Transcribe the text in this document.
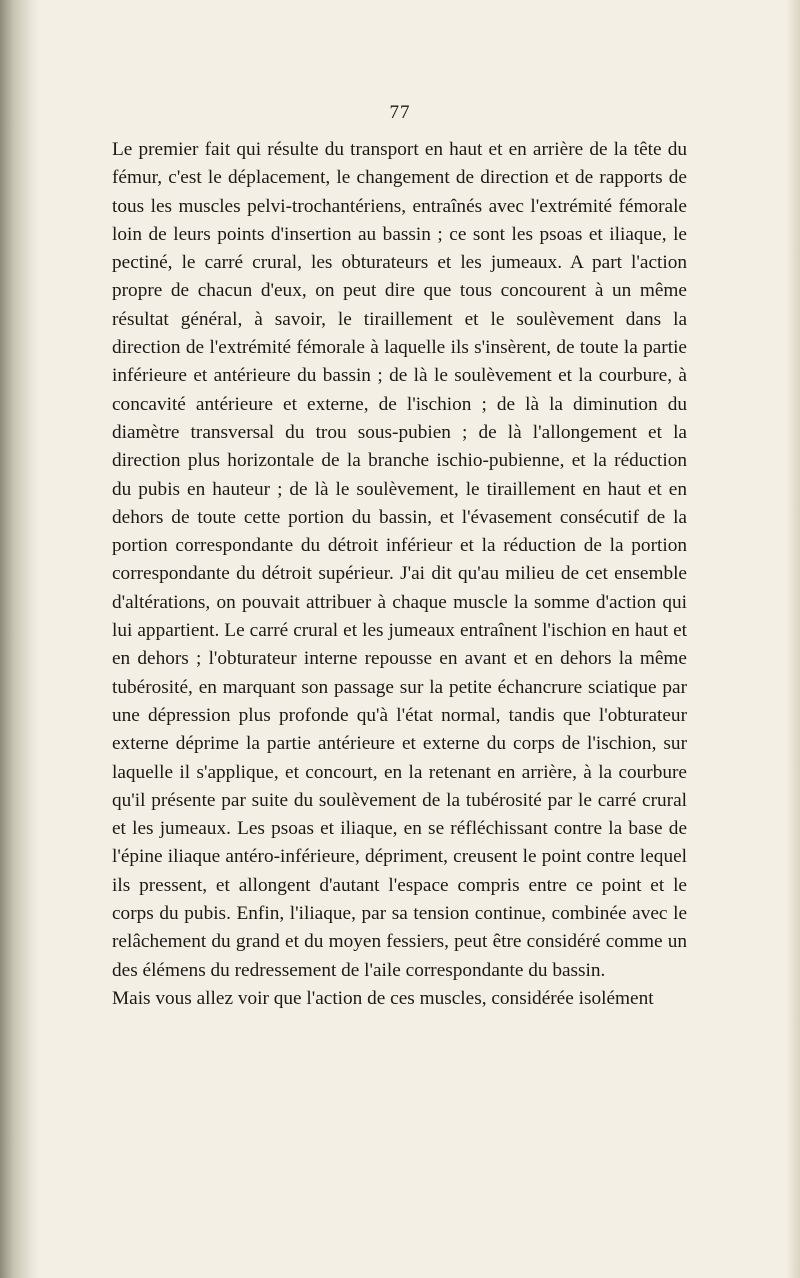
77

Le premier fait qui résulte du transport en haut et en arrière de la tête du fémur, c'est le déplacement, le changement de direction et de rapports de tous les muscles pelvi-trochantériens, entraînés avec l'extrémité fémorale loin de leurs points d'insertion au bassin ; ce sont les psoas et iliaque, le pectiné, le carré crural, les obturateurs et les jumeaux. A part l'action propre de chacun d'eux, on peut dire que tous concourent à un même résultat général, à savoir, le tiraillement et le soulèvement dans la direction de l'extrémité fémorale à laquelle ils s'insèrent, de toute la partie inférieure et antérieure du bassin ; de là le soulèvement et la courbure, à concavité antérieure et externe, de l'ischion ; de là la diminution du diamètre transversal du trou sous-pubien ; de là l'allongement et la direction plus horizontale de la branche ischio-pubienne, et la réduction du pubis en hauteur ; de là le soulèvement, le tiraillement en haut et en dehors de toute cette portion du bassin, et l'évasement consécutif de la portion correspondante du détroit inférieur et la réduction de la portion correspondante du détroit supérieur. J'ai dit qu'au milieu de cet ensemble d'altérations, on pouvait attribuer à chaque muscle la somme d'action qui lui appartient. Le carré crural et les jumeaux entraînent l'ischion en haut et en dehors ; l'obturateur interne repousse en avant et en dehors la même tubérosité, en marquant son passage sur la petite échancrure sciatique par une dépression plus profonde qu'à l'état normal, tandis que l'obturateur externe déprime la partie antérieure et externe du corps de l'ischion, sur laquelle il s'applique, et concourt, en la retenant en arrière, à la courbure qu'il présente par suite du soulèvement de la tubérosité par le carré crural et les jumeaux. Les psoas et iliaque, en se réfléchissant contre la base de l'épine iliaque antéro-inférieure, dépriment, creusent le point contre lequel ils pressent, et allongent d'autant l'espace compris entre ce point et le corps du pubis. Enfin, l'iliaque, par sa tension continue, combinée avec le relâchement du grand et du moyen fessiers, peut être considéré comme un des élémens du redressement de l'aile correspondante du bassin.

Mais vous allez voir que l'action de ces muscles, considérée isolément
